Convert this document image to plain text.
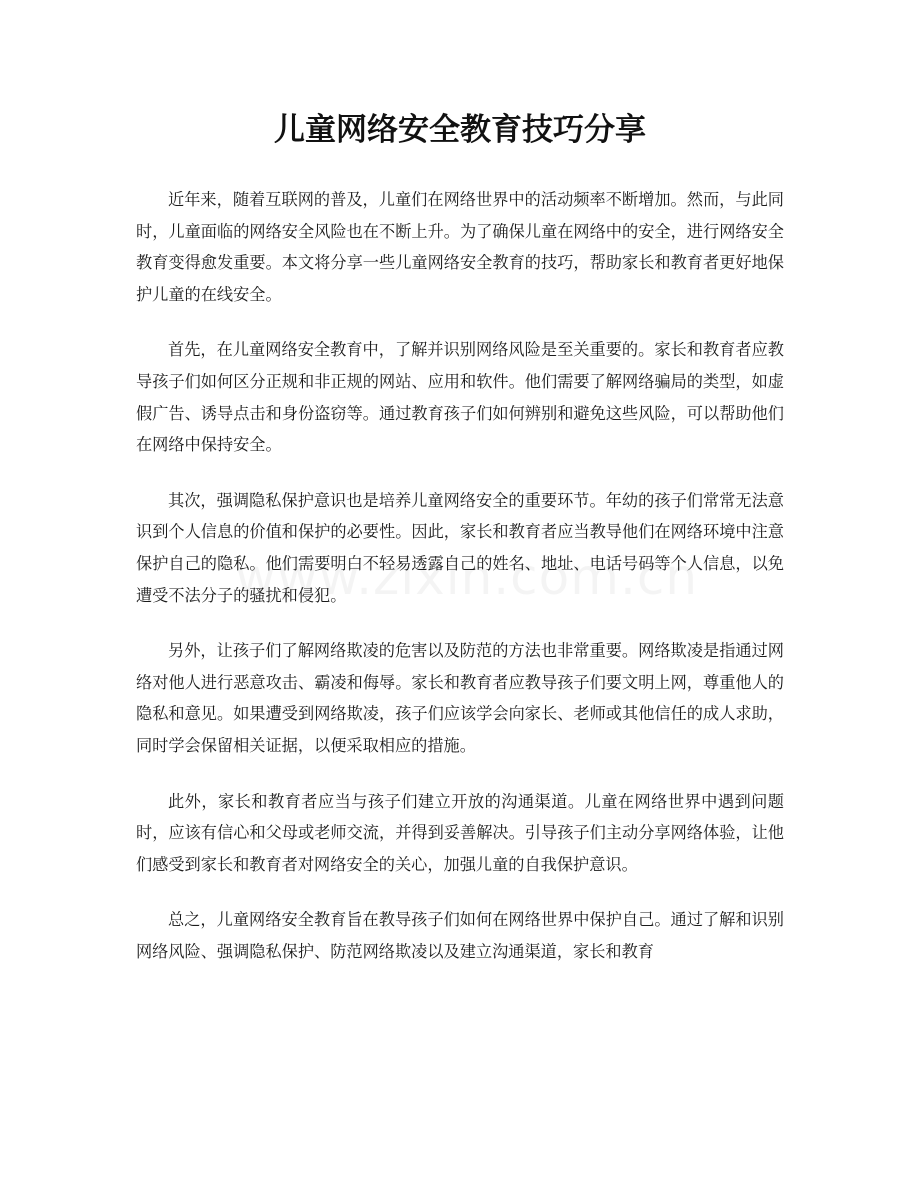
儿童网络安全教育技巧分享

近年来，随着互联网的普及，儿童们在网络世界中的活动频率不断增加。然而，与此同时，儿童面临的网络安全风险也在不断上升。为了确保儿童在网络中的安全，进行网络安全教育变得愈发重要。本文将分享一些儿童网络安全教育的技巧，帮助家长和教育者更好地保护儿童的在线安全。

首先，在儿童网络安全教育中，了解并识别网络风险是至关重要的。家长和教育者应教导孩子们如何区分正规和非正规的网站、应用和软件。他们需要了解网络骗局的类型，如虚假广告、诱导点击和身份盗窃等。通过教育孩子们如何辨别和避免这些风险，可以帮助他们在网络中保持安全。

其次，强调隐私保护意识也是培养儿童网络安全的重要环节。年幼的孩子们常常无法意识到个人信息的价值和保护的必要性。因此，家长和教育者应当教导他们在网络环境中注意保护自己的隐私。他们需要明白不轻易透露自己的姓名、地址、电话号码等个人信息，以免遭受不法分子的骚扰和侵犯。

另外，让孩子们了解网络欺凌的危害以及防范的方法也非常重要。网络欺凌是指通过网络对他人进行恶意攻击、霸凌和侮辱。家长和教育者应教导孩子们要文明上网，尊重他人的隐私和意见。如果遭受到网络欺凌，孩子们应该学会向家长、老师或其他信任的成人求助，同时学会保留相关证据，以便采取相应的措施。

此外，家长和教育者应当与孩子们建立开放的沟通渠道。儿童在网络世界中遇到问题时，应该有信心和父母或老师交流，并得到妥善解决。引导孩子们主动分享网络体验，让他们感受到家长和教育者对网络安全的关心，加强儿童的自我保护意识。

总之，儿童网络安全教育旨在教导孩子们如何在网络世界中保护自己。通过了解和识别网络风险、强调隐私保护、防范网络欺凌以及建立沟通渠道，家长和教育
